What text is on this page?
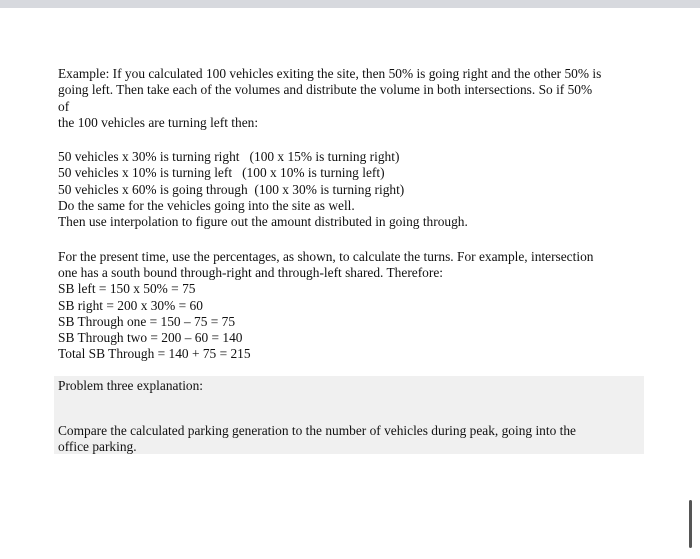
Example: If you calculated 100 vehicles exiting the site, then 50% is going right and the other 50% is
going left. Then take each of the volumes and distribute the volume in both intersections. So if 50%
of
the 100 vehicles are turning left then:
50 vehicles x 30% is turning right   (100 x 15% is turning right)
50 vehicles x 10% is turning left   (100 x 10% is turning left)
50 vehicles x 60% is going through  (100 x 30% is turning right)
Do the same for the vehicles going into the site as well.
Then use interpolation to figure out the amount distributed in going through.
For the present time, use the percentages, as shown, to calculate the turns. For example, intersection
one has a south bound through-right and through-left shared. Therefore:
SB left = 150 x 50% = 75
SB right = 200 x 30% = 60
SB Through one = 150 – 75 = 75
SB Through two = 200 – 60 = 140
Total SB Through = 140 + 75 = 215
Problem three explanation:
Compare the calculated parking generation to the number of vehicles during peak, going into the
office parking.
